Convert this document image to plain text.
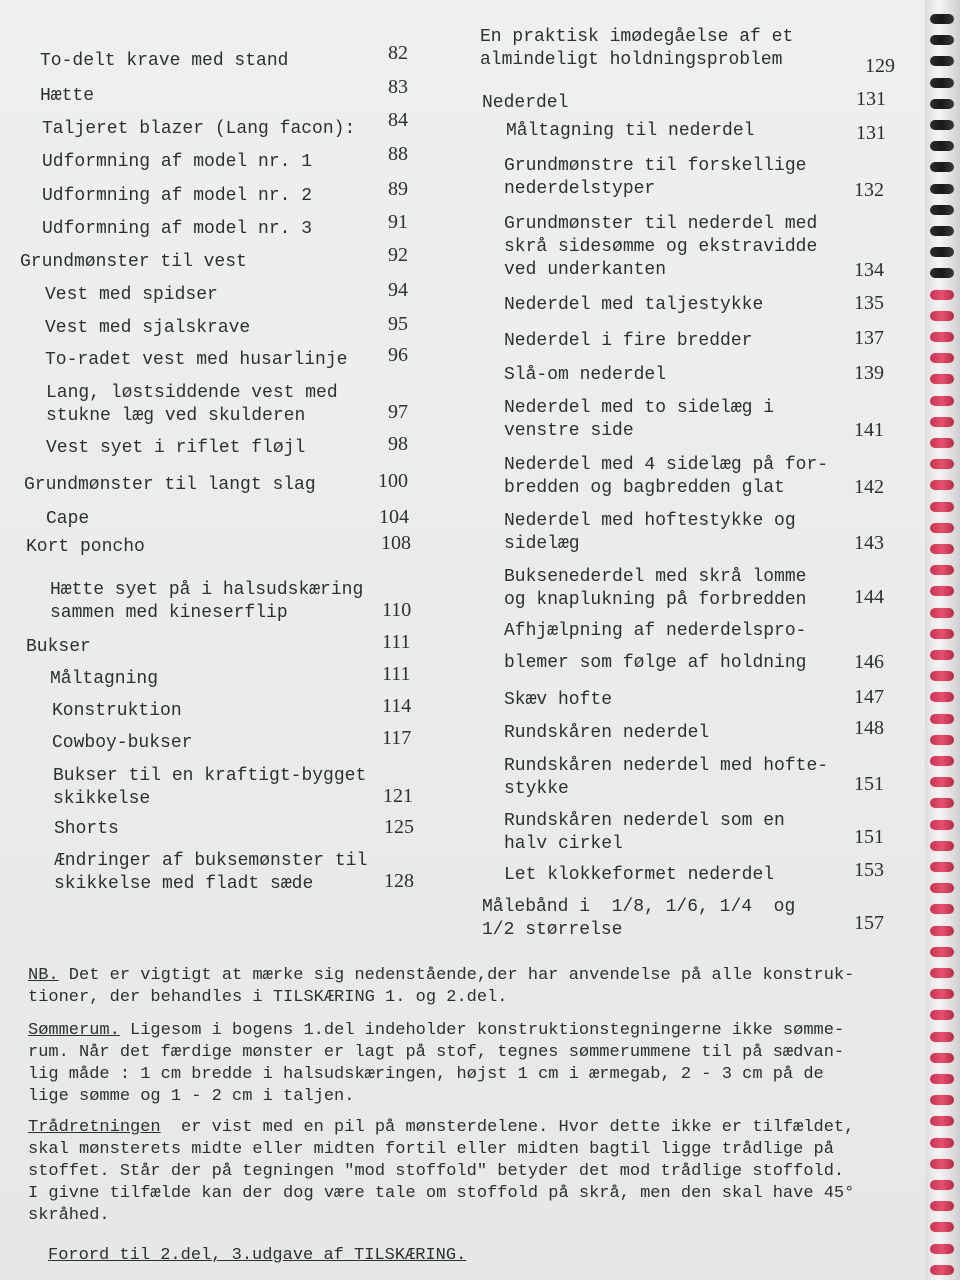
To-delt krave med stand	82
Hætte	83
Taljeret blazer (Lang facon): 84
Udformning af model nr. 1	88
Udformning af model nr. 2	89
Udformning af model nr. 3	91
Grundmønster til vest	92
Vest med spidser	94
Vest med sjalskrave	95
To-radet vest med husarlinje 96
Lang, løstsiddende vest med
stukne læg ved skulderen	97
Vest syet i riflet fløjl	98
Grundmønster til langt slag	100
Cape	104
Kort poncho	108
Hætte syet på i halsudskæring
sammen med kineserflip	110
Bukser	111
Måltagning	111
Konstruktion	114
Cowboy-bukser	117
Bukser til en kraftigt-bygget
skikkelse	121
Shorts	125
Ændringer af buksemønster til
skikkelse med fladt sæde	128
En praktisk imødegåelse af et
almindeligt holdningsproblem	129
Nederdel	131
Måltagning til nederdel	131
Grundmønstre til forskellige
nederdelstyper	132
Grundmønster til nederdel med
skrå sidesømme og ekstravidde
ved underkanten	134
Nederdel med taljestykke	135
Nederdel i fire bredder	137
Slå-om nederdel	139
Nederdel med to sidelæg i
venstre side	141
Nederdel med 4 sidelæg på for-
bredden og bagbredden glat	142
Nederdel med hoftestykke og
sidelæg	143
Buksenederdel med skrå lomme
og knaplukning på forbredden 144
Afhjælpning af nederdelspro-

blemer som følge af holdning 146
Skæv hofte	147
Rundskåren nederdel	148
Rundskåren nederdel med hofte-
stykke	151
Rundskåren nederdel som en
halv cirkel	151
Let klokkeformet nederdel	153
Målebånd i  1/8, 1/6, 1/4  og
1/2 størrelse	157
NB. Det er vigtigt at mærke sig nedenstående,der har anvendelse på alle konstruk-
tioner, der behandles i TILSKÆRING 1. og 2.del.
Sømmerum. Ligesom i bogens 1.del indeholder konstruktionstegningerne ikke sømme-
rum. Når det færdige mønster er lagt på stof, tegnes sømmerummene til på sædvan-
lig måde : 1 cm bredde i halsudskæringen, højst 1 cm i ærmegab, 2 - 3 cm på de
lige sømme og 1 - 2 cm i taljen.
Trådretningen  er vist med en pil på mønsterdelene. Hvor dette ikke er tilfældet,
skal mønsterets midte eller midten fortil eller midten bagtil ligge trådlige på
stoffet. Står der på tegningen "mod stoffold" betyder det mod trådlige stoffold.
I givne tilfælde kan der dog være tale om stoffold på skrå, men den skal have 45°
skråhed.
Forord til 2.del, 3.udgave af TILSKÆRING.
